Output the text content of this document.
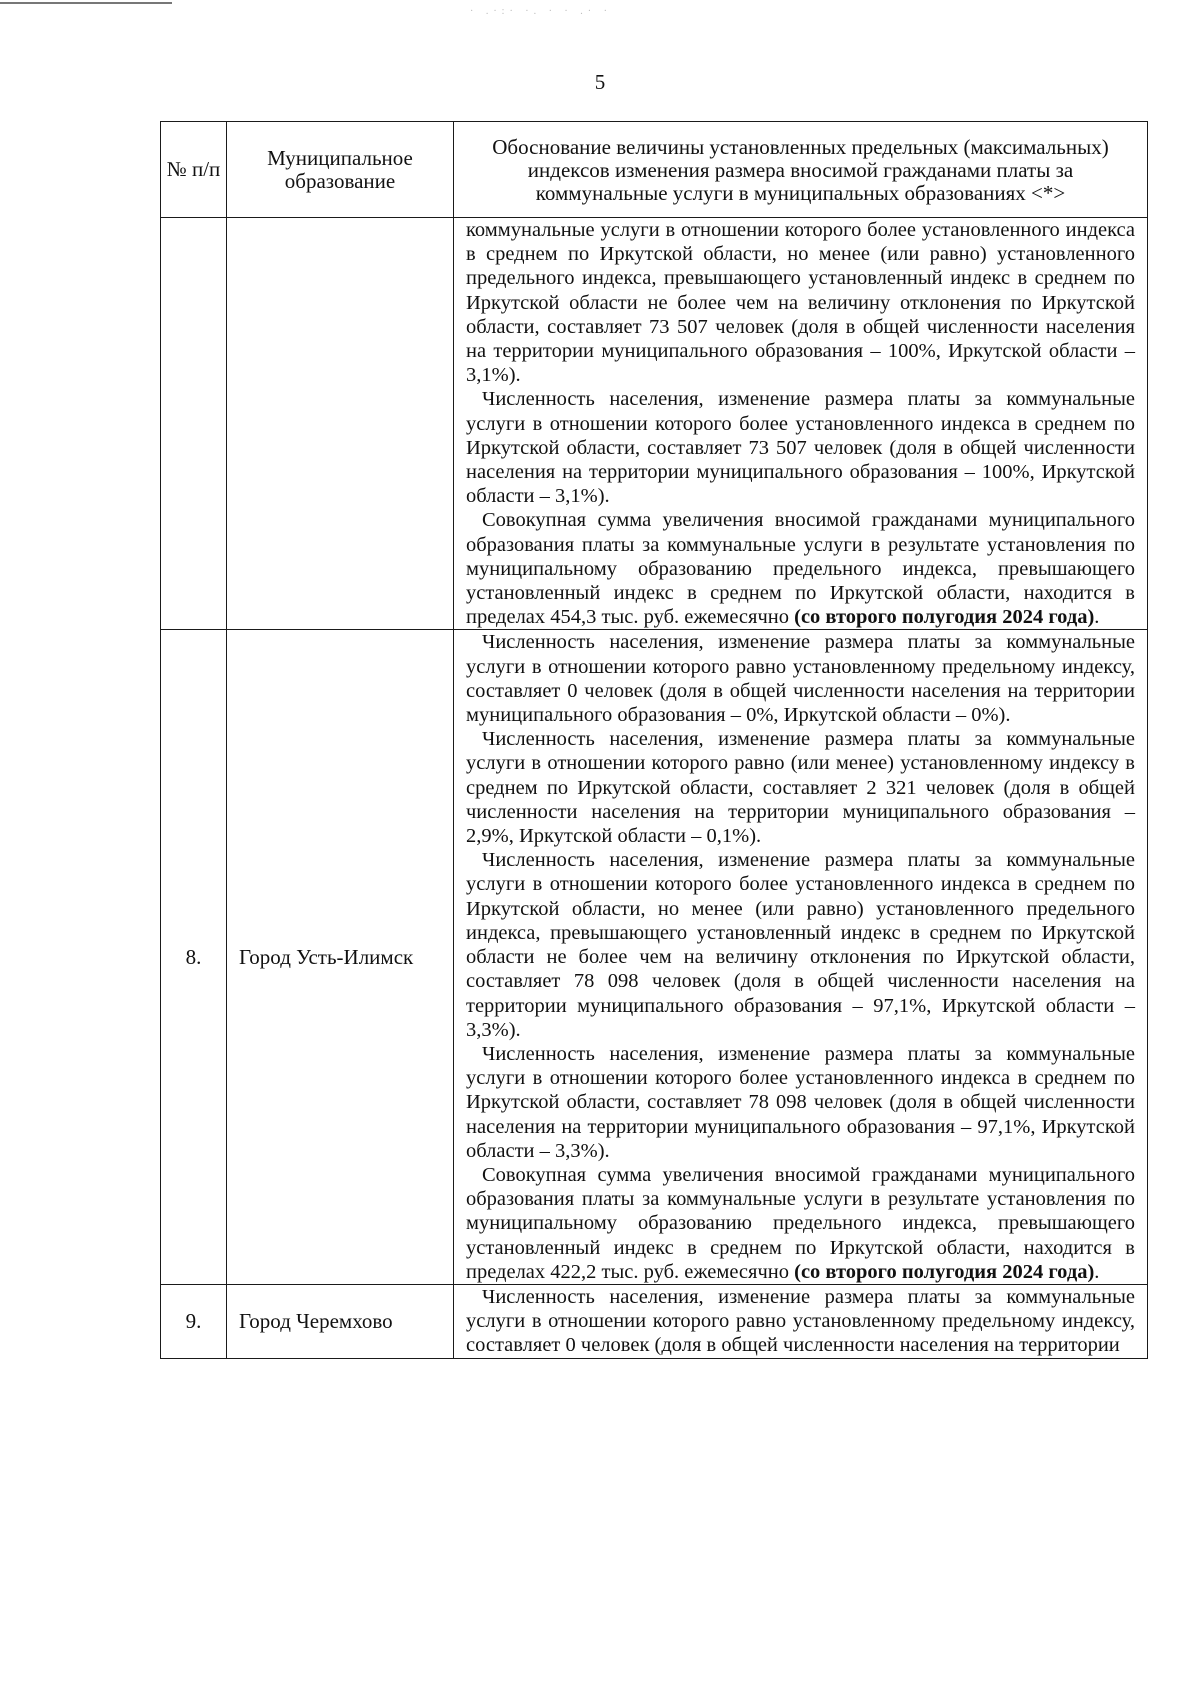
· .·:· ·. · · .· ·
5
№ п/п	Муниципальное образование	Обоснование величины установленных предельных (максимальных) индексов изменения размера вносимой гражданами платы за коммунальные услуги в муниципальных образованиях <*>

		коммунальные услуги в отношении которого более установленного индекса в среднем по Иркутской области, но менее (или равно) установленного предельного индекса, превышающего установленный индекс в среднем по Иркутской области не более чем на величину отклонения по Иркутской области, составляет 73 507 человек (доля в общей численности населения на территории муниципального образования – 100%, Иркутской области – 3,1%).

Численность населения, изменение размера платы за коммунальные услуги в отношении которого более установленного индекса в среднем по Иркутской области, составляет 73 507 человек (доля в общей численности населения на территории муниципального образования – 100%, Иркутской области – 3,1%).

Совокупная сумма увеличения вносимой гражданами муниципального образования платы за коммунальные услуги в результате установления по муниципальному образованию предельного индекса, превышающего установленный индекс в среднем по Иркутской области, находится в пределах 454,3 тыс. руб. ежемесячно (со второго полугодия 2024 года).

8.	Город Усть-Илимск	Численность населения, изменение размера платы за коммунальные услуги в отношении которого равно установленному предельному индексу, составляет 0 человек (доля в общей численности населения на территории муниципального образования – 0%, Иркутской области – 0%).

Численность населения, изменение размера платы за коммунальные услуги в отношении которого равно (или менее) установленному индексу в среднем по Иркутской области, составляет 2 321 человек (доля в общей численности населения на территории муниципального образования – 2,9%, Иркутской области – 0,1%).

Численность населения, изменение размера платы за коммунальные услуги в отношении которого более установленного индекса в среднем по Иркутской области, но менее (или равно) установленного предельного индекса, превышающего установленный индекс в среднем по Иркутской области не более чем на величину отклонения по Иркутской области, составляет 78 098 человек (доля в общей численности населения на территории муниципального образования – 97,1%, Иркутской области – 3,3%).

Численность населения, изменение размера платы за коммунальные услуги в отношении которого более установленного индекса в среднем по Иркутской области, составляет 78 098 человек (доля в общей численности населения на территории муниципального образования – 97,1%, Иркутской области – 3,3%).

Совокупная сумма увеличения вносимой гражданами муниципального образования платы за коммунальные услуги в результате установления по муниципальному образованию предельного индекса, превышающего установленный индекс в среднем по Иркутской области, находится в пределах 422,2 тыс. руб. ежемесячно (со второго полугодия 2024 года).

9.	Город Черемхово	Численность населения, изменение размера платы за коммунальные услуги в отношении которого равно установленному предельному индексу, составляет 0 человек (доля в общей численности населения на территории
